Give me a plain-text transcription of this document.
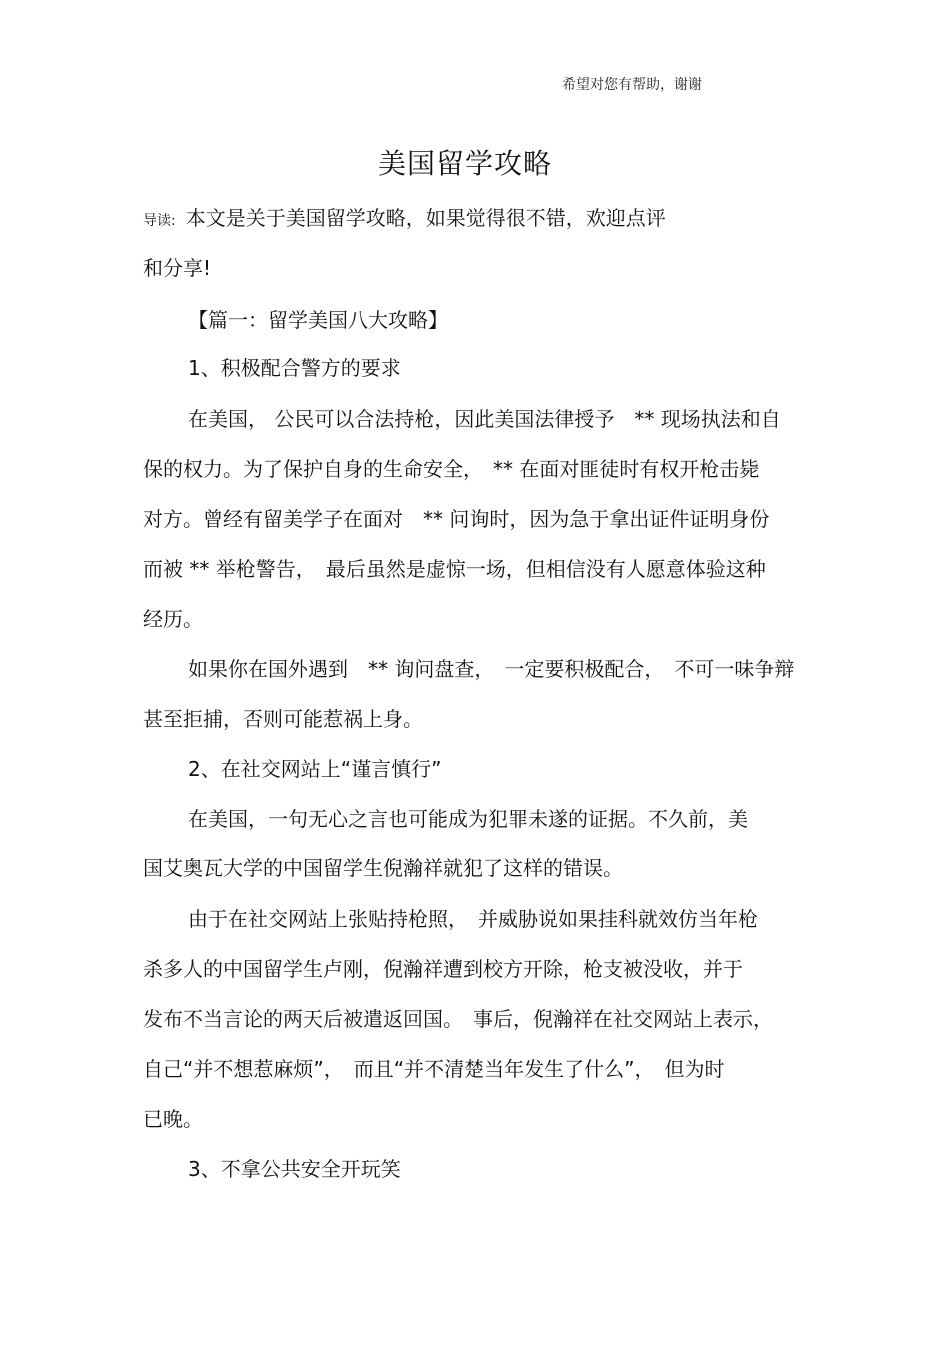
希望对您有帮助，谢谢
美国留学攻略
导读: 本文是关于美国留学攻略，如果觉得很不错，欢迎点评
和分享!
【篇一：留学美国八大攻略】
1、积极配合警方的要求
在美国， 公民可以合法持枪，因此美国法律授予　** 现场执法和自
保的权力。为了保护自身的生命安全，　** 在面对匪徒时有权开枪击毙
对方。曾经有留美学子在面对　** 问询时，因为急于拿出证件证明身份
而被 ** 举枪警告，　最后虽然是虚惊一场，但相信没有人愿意体验这种
经历。
如果你在国外遇到　** 询问盘查，　一定要积极配合，　不可一味争辩
甚至拒捕，否则可能惹祸上身。
2、在社交网站上“谨言慎行”
在美国，一句无心之言也可能成为犯罪未遂的证据。不久前，美
国艾奥瓦大学的中国留学生倪瀚祥就犯了这样的错误。
由于在社交网站上张贴持枪照，　并威胁说如果挂科就效仿当年枪
杀多人的中国留学生卢刚，倪瀚祥遭到校方开除，枪支被没收，并于
发布不当言论的两天后被遣返回国。　事后，倪瀚祥在社交网站上表示，
自己“并不想惹麻烦”，　而且“并不清楚当年发生了什么”，　但为时
已晚。
3、不拿公共安全开玩笑
